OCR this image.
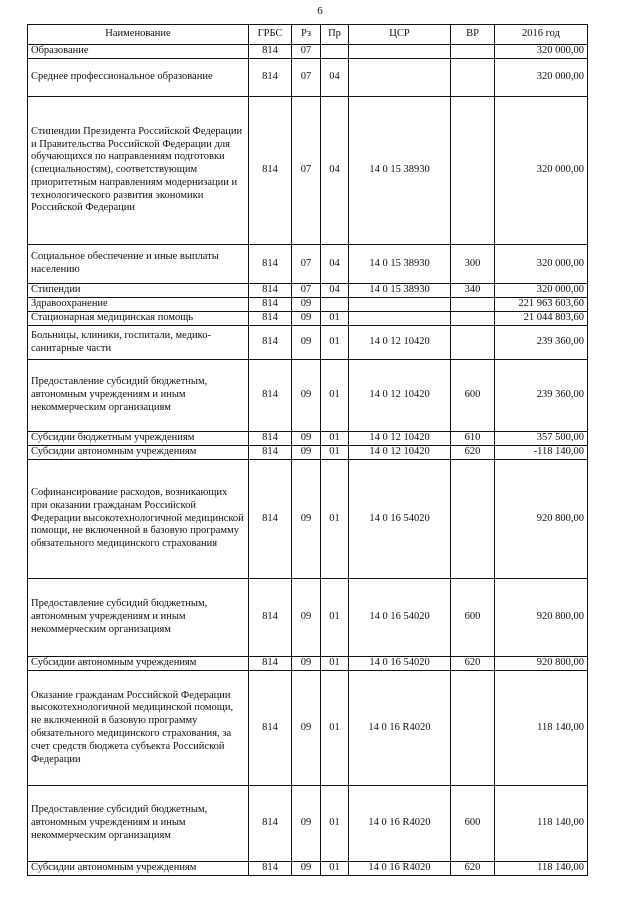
6
Наименование	ГРБС	Рз	Пр	ЦСР	ВР	2016 год
Образование	814	07				320 000,00
Среднее профессиональное образование	814	07	04			320 000,00
Стипендии Президента Российской Федерации и Правительства Российской Федерации для обучающихся по направлениям подготовки (специальностям), соответствующим приоритетным направлениям модернизации и технологического развития экономики Российской Федерации	814	07	04	14 0 15 38930		320 000,00
Социальное обеспечение и иные выплаты населению	814	07	04	14 0 15 38930	300	320 000,00
Стипендии	814	07	04	14 0 15 38930	340	320 000,00
Здравоохранение	814	09				221 963 603,60
Стационарная медицинская помощь	814	09	01			21 044 803,60
Больницы, клиники, госпитали, медико-санитарные части	814	09	01	14 0 12 10420		239 360,00
Предоставление субсидий бюджетным, автономным учреждениям и иным некоммерческим организациям	814	09	01	14 0 12 10420	600	239 360,00
Субсидии бюджетным учреждениям	814	09	01	14 0 12 10420	610	357 500,00
Субсидии автономным учреждениям	814	09	01	14 0 12 10420	620	-118 140,00
Софинансирование расходов, возникающих при оказании гражданам Российской Федерации высокотехнологичной медицинской помощи, не включенной в базовую программу обязательного медицинского страхования	814	09	01	14 0 16 54020		920 800,00
Предоставление субсидий бюджетным, автономным учреждениям и иным некоммерческим организациям	814	09	01	14 0 16 54020	600	920 800,00
Субсидии автономным учреждениям	814	09	01	14 0 16 54020	620	920 800,00
Оказание гражданам Российской Федерации высокотехнологичной медицинской помощи, не включенной в базовую программу обязательного медицинского страхования, за счет средств бюджета субъекта Российской Федерации	814	09	01	14 0 16 R4020		118 140,00
Предоставление субсидий бюджетным, автономным учреждениям и иным некоммерческим организациям	814	09	01	14 0 16 R4020	600	118 140,00
Субсидии автономным учреждениям	814	09	01	14 0 16 R4020	620	118 140,00
